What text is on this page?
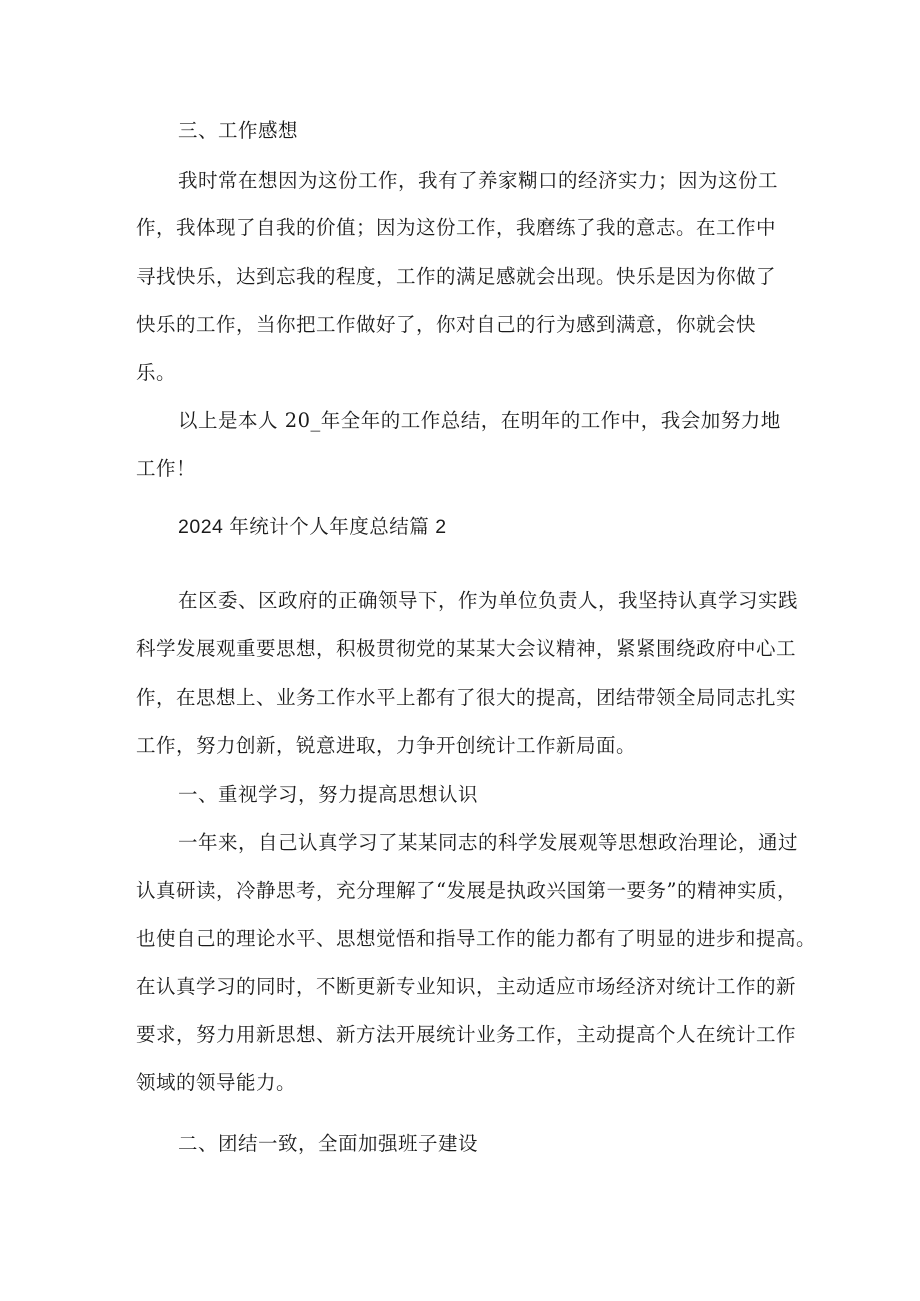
三、工作感想
我时常在想因为这份工作，我有了养家糊口的经济实力；因为这份工
作，我体现了自我的价值；因为这份工作，我磨练了我的意志。在工作中
寻找快乐，达到忘我的程度，工作的满足感就会出现。快乐是因为你做了
快乐的工作，当你把工作做好了，你对自己的行为感到满意，你就会快
乐。
以上是本人 20_年全年的工作总结，在明年的工作中，我会加努力地
工作！
2024 年统计个人年度总结篇 2
在区委、区政府的正确领导下，作为单位负责人，我坚持认真学习实践
科学发展观重要思想，积极贯彻党的某某大会议精神，紧紧围绕政府中心工
作，在思想上、业务工作水平上都有了很大的提高，团结带领全局同志扎实
工作，努力创新，锐意进取，力争开创统计工作新局面。
一、重视学习，努力提高思想认识
一年来，自己认真学习了某某同志的科学发展观等思想政治理论，通过
认真研读，冷静思考，充分理解了“发展是执政兴国第一要务”的精神实质，
也使自己的理论水平、思想觉悟和指导工作的能力都有了明显的进步和提高。
在认真学习的同时，不断更新专业知识，主动适应市场经济对统计工作的新
要求，努力用新思想、新方法开展统计业务工作，主动提高个人在统计工作
领域的领导能力。
二、团结一致，全面加强班子建设
